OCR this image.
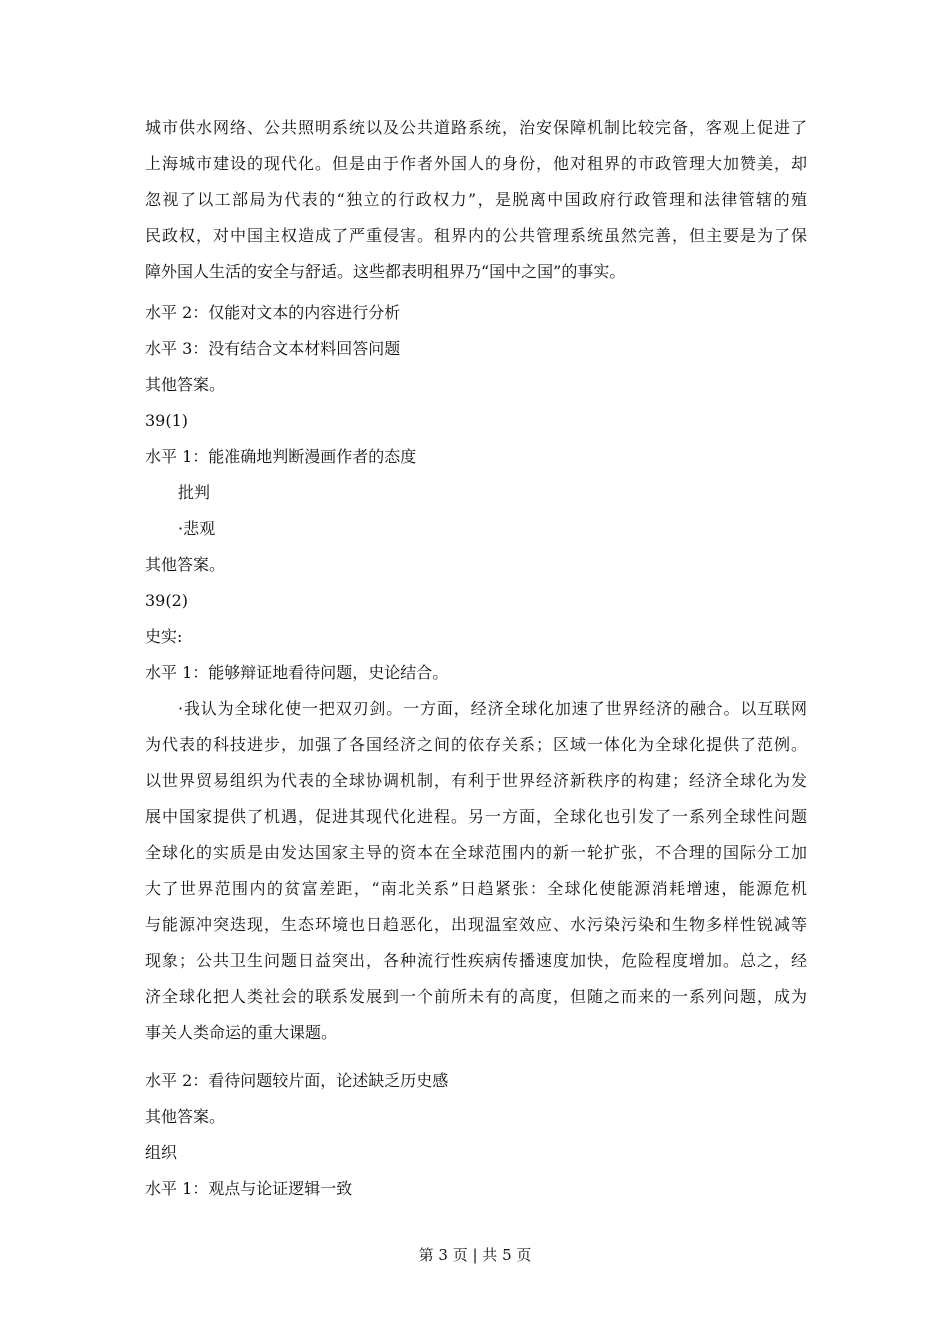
城市供水网络、公共照明系统以及公共道路系统，治安保障机制比较完备，客观上促进了
上海城市建设的现代化。但是由于作者外国人的身份，他对租界的市政管理大加赞美，却
忽视了以工部局为代表的“独立的行政权力”，是脱离中国政府行政管理和法律管辖的殖
民政权，对中国主权造成了严重侵害。租界内的公共管理系统虽然完善，但主要是为了保
障外国人生活的安全与舒适。这些都表明租界乃“国中之国”的事实。
水平 2：仅能对文本的内容进行分析
水平 3：没有结合文本材料回答问题
其他答案。
39(1)
水平 1：能准确地判断漫画作者的态度
批判
·悲观
其他答案。
39(2)
史实:
水平 1：能够辩证地看待问题，史论结合。
·我认为全球化使一把双刃剑。一方面，经济全球化加速了世界经济的融合。以互联网
为代表的科技进步，加强了各国经济之间的依存关系；区域一体化为全球化提供了范例。
以世界贸易组织为代表的全球协调机制，有利于世界经济新秩序的构建；经济全球化为发
展中国家提供了机遇，促进其现代化进程。另一方面，全球化也引发了一系列全球性问题
全球化的实质是由发达国家主导的资本在全球范围内的新一轮扩张，不合理的国际分工加
大了世界范围内的贫富差距，“南北关系”日趋紧张：全球化使能源消耗增速，能源危机
与能源冲突迭现，生态环境也日趋恶化，出现温室效应、水污染污染和生物多样性锐减等
现象；公共卫生问题日益突出，各种流行性疾病传播速度加快，危险程度增加。总之，经
济全球化把人类社会的联系发展到一个前所未有的高度，但随之而来的一系列问题，成为
事关人类命运的重大课题。
水平 2：看待问题较片面，论述缺乏历史感
其他答案。
组织
水平 1：观点与论证逻辑一致
第 3 页 | 共 5 页
